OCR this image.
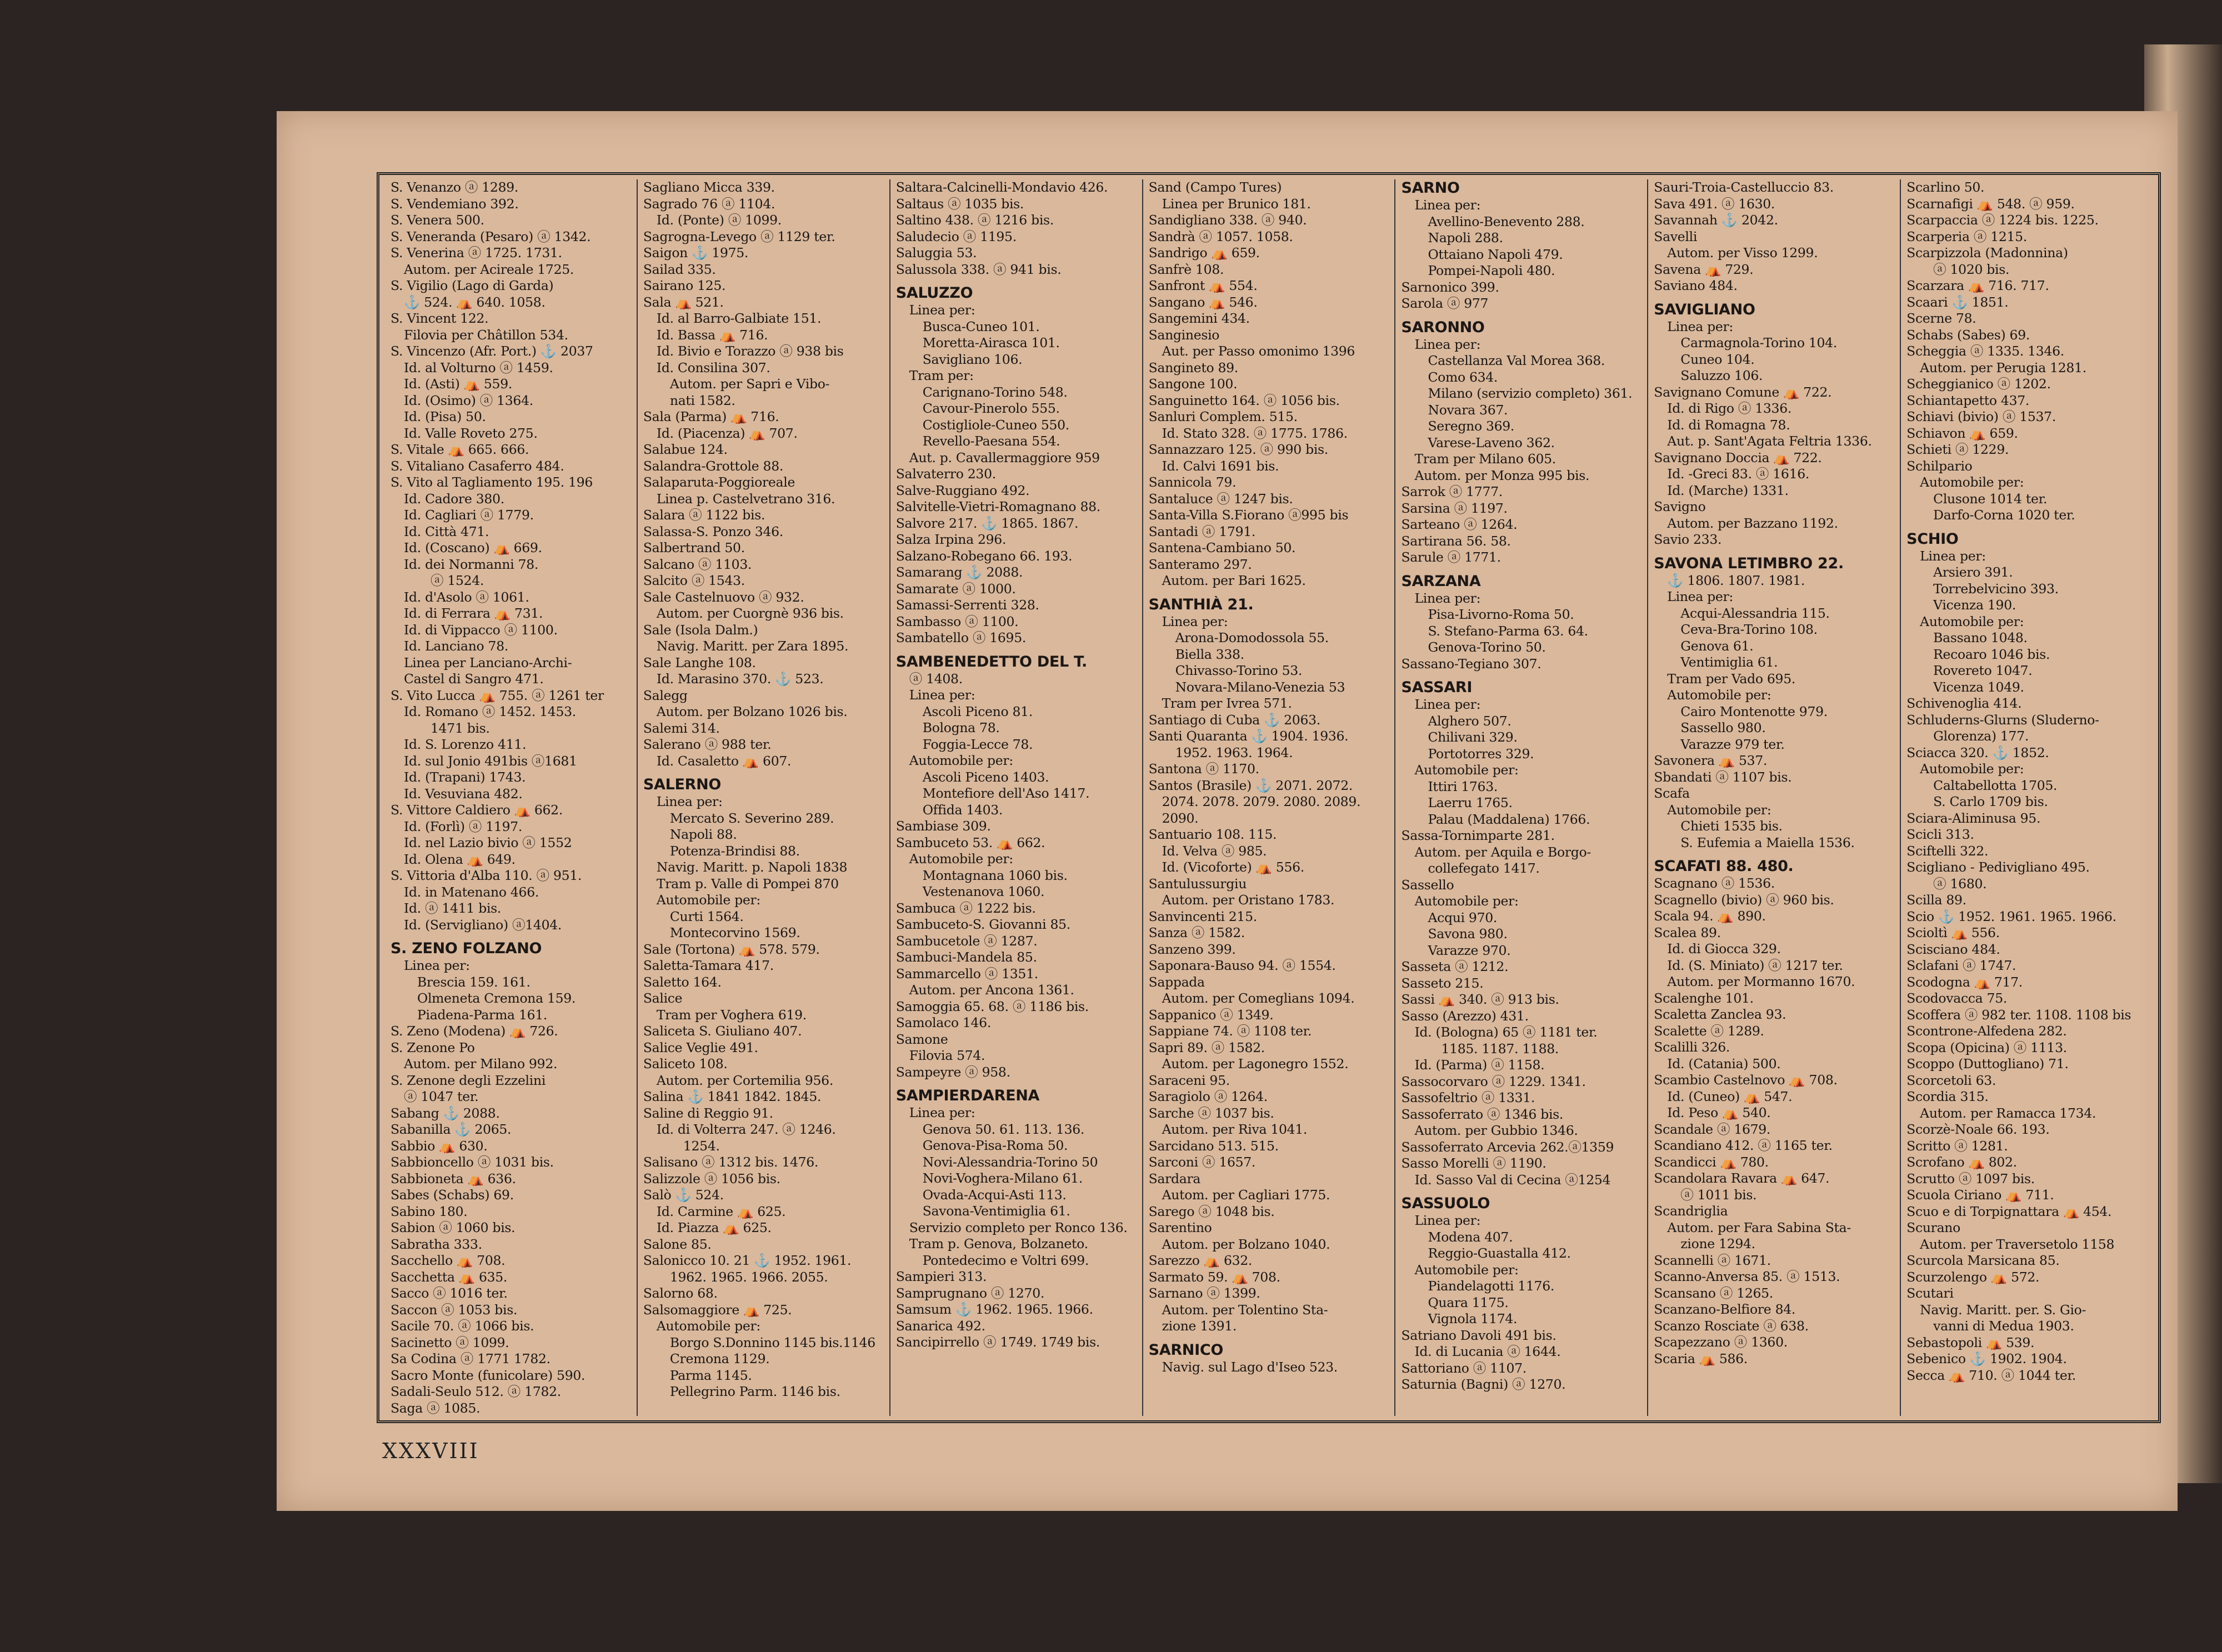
S. Venanzo ⓐ 1289.
S. Vendemiano 392.
S. Venera 500.
S. Veneranda (Pesaro) ⓐ 1342.
S. Venerina ⓐ 1725. 1731.
Autom. per Acireale 1725.
S. Vigilio (Lago di Garda)
⚓ 524. ⛺ 640. 1058.
S. Vincent 122.
Filovia per Châtillon 534.
S. Vincenzo (Afr. Port.) ⚓ 2037
Id. al Volturno ⓐ 1459.
Id. (Asti) ⛺ 559.
Id. (Osimo) ⓐ 1364.
Id. (Pisa) 50.
Id. Valle Roveto 275.
S. Vitale ⛺ 665. 666.
S. Vitaliano Casaferro 484.
S. Vito al Tagliamento 195. 196
Id. Cadore 380.
Id. Cagliari ⓐ 1779.
Id. Città 471.
Id. (Coscano) ⛺ 669.
Id. dei Normanni 78.
ⓐ 1524.
Id. d'Asolo ⓐ 1061.
Id. di Ferrara ⛺ 731.
Id. di Vippacco ⓐ 1100.
Id. Lanciano 78.
Linea per Lanciano-Archi-
Castel di Sangro 471.
S. Vito Lucca ⛺ 755. ⓐ 1261 ter
Id. Romano ⓐ 1452. 1453.
1471 bis.
Id. S. Lorenzo 411.
Id. sul Jonio 491bis ⓐ1681
Id. (Trapani) 1743.
Id. Vesuviana 482.
S. Vittore Caldiero ⛺ 662.
Id. (Forlì) ⓐ 1197.
Id. nel Lazio bivio ⓐ 1552
Id. Olena ⛺ 649.
S. Vittoria d'Alba 110. ⓐ 951.
Id. in Matenano 466.
Id. ⓐ 1411 bis.
Id. (Servigliano) ⓐ1404.
S. ZENO FOLZANO
Linea per:
Brescia 159. 161.
Olmeneta Cremona 159.
Piadena-Parma 161.
S. Zeno (Modena) ⛺ 726.
S. Zenone Po
Autom. per Milano 992.
S. Zenone degli Ezzelini
ⓐ 1047 ter.
Sabang ⚓ 2088.
Sabanilla ⚓ 2065.
Sabbio ⛺ 630.
Sabbioncello ⓐ 1031 bis.
Sabbioneta ⛺ 636.
Sabes (Schabs) 69.
Sabino 180.
Sabion ⓐ 1060 bis.
Sabratha 333.
Sacchello ⛺ 708.
Sacchetta ⛺ 635.
Sacco ⓐ 1016 ter.
Saccon ⓐ 1053 bis.
Sacile 70. ⓐ 1066 bis.
Sacinetto ⓐ 1099.
Sa Codina ⓐ 1771 1782.
Sacro Monte (funicolare) 590.
Sadali-Seulo 512. ⓐ 1782.
Saga ⓐ 1085.
Sagliano Micca 339.
Sagrado 76 ⓐ 1104.
Id. (Ponte) ⓐ 1099.
Sagrogna-Levego ⓐ 1129 ter.
Saigon ⚓ 1975.
Sailad 335.
Sairano 125.
Sala ⛺ 521.
Id. al Barro-Galbiate 151.
Id. Bassa ⛺ 716.
Id. Bivio e Torazzo ⓐ 938 bis
Id. Consilina 307.
Autom. per Sapri e Vibo-
nati 1582.
Sala (Parma) ⛺ 716.
Id. (Piacenza) ⛺ 707.
Salabue 124.
Salandra-Grottole 88.
Salaparuta-Poggioreale
Linea p. Castelvetrano 316.
Salara ⓐ 1122 bis.
Salassa-S. Ponzo 346.
Salbertrand 50.
Salcano ⓐ 1103.
Salcito ⓐ 1543.
Sale Castelnuovo ⓐ 932.
Autom. per Cuorgnè 936 bis.
Sale (Isola Dalm.)
Navig. Maritt. per Zara 1895.
Sale Langhe 108.
Id. Marasino 370. ⚓ 523.
Salegg
Autom. per Bolzano 1026 bis.
Salemi 314.
Salerano ⓐ 988 ter.
Id. Casaletto ⛺ 607.
SALERNO
Linea per:
Mercato S. Severino 289.
Napoli 88.
Potenza-Brindisi 88.
Navig. Maritt. p. Napoli 1838
Tram p. Valle di Pompei 870
Automobile per:
Curti 1564.
Montecorvino 1569.
Sale (Tortona) ⛺ 578. 579.
Saletta-Tamara 417.
Saletto 164.
Salice
Tram per Voghera 619.
Saliceta S. Giuliano 407.
Salice Veglie 491.
Saliceto 108.
Autom. per Cortemilia 956.
Salina ⚓ 1841 1842. 1845.
Saline di Reggio 91.
Id. di Volterra 247. ⓐ 1246.
1254.
Salisano ⓐ 1312 bis. 1476.
Salizzole ⓐ 1056 bis.
Salò ⚓ 524.
Id. Carmine ⛺ 625.
Id. Piazza ⛺ 625.
Salone 85.
Salonicco 10. 21 ⚓ 1952. 1961.
1962. 1965. 1966. 2055.
Salorno 68.
Salsomaggiore ⛺ 725.
Automobile per:
Borgo S.Donnino 1145 bis.1146
Cremona 1129.
Parma 1145.
Pellegrino Parm. 1146 bis.
Saltara-Calcinelli-Mondavio 426.
Saltaus ⓐ 1035 bis.
Saltino 438. ⓐ 1216 bis.
Saludecio ⓐ 1195.
Saluggia 53.
Salussola 338. ⓐ 941 bis.
SALUZZO
Linea per:
Busca-Cuneo 101.
Moretta-Airasca 101.
Savigliano 106.
Tram per:
Carignano-Torino 548.
Cavour-Pinerolo 555.
Costigliole-Cuneo 550.
Revello-Paesana 554.
Aut. p. Cavallermaggiore 959
Salvaterro 230.
Salve-Ruggiano 492.
Salvitelle-Vietri-Romagnano 88.
Salvore 217. ⚓ 1865. 1867.
Salza Irpina 296.
Salzano-Robegano 66. 193.
Samarang ⚓ 2088.
Samarate ⓐ 1000.
Samassi-Serrenti 328.
Sambasso ⓐ 1100.
Sambatello ⓐ 1695.
SAMBENEDETTO DEL T.
ⓐ 1408.
Linea per:
Ascoli Piceno 81.
Bologna 78.
Foggia-Lecce 78.
Automobile per:
Ascoli Piceno 1403.
Montefiore dell'Aso 1417.
Offida 1403.
Sambiase 309.
Sambuceto 53. ⛺ 662.
Automobile per:
Montagnana 1060 bis.
Vestenanova 1060.
Sambuca ⓐ 1222 bis.
Sambuceto-S. Giovanni 85.
Sambucetole ⓐ 1287.
Sambuci-Mandela 85.
Sammarcello ⓐ 1351.
Autom. per Ancona 1361.
Samoggia 65. 68. ⓐ 1186 bis.
Samolaco 146.
Samone
Filovia 574.
Sampeyre ⓐ 958.
SAMPIERDARENA
Linea per:
Genova 50. 61. 113. 136.
Genova-Pisa-Roma 50.
Novi-Alessandria-Torino 50
Novi-Voghera-Milano 61.
Ovada-Acqui-Asti 113.
Savona-Ventimiglia 61.
Servizio completo per Ronco 136.
Tram p. Genova, Bolzaneto.
Pontedecimo e Voltri 699.
Sampieri 313.
Samprugnano ⓐ 1270.
Samsum ⚓ 1962. 1965. 1966.
Sanarica 492.
Sancipirrello ⓐ 1749. 1749 bis.
Sand (Campo Tures)
Linea per Brunico 181.
Sandigliano 338. ⓐ 940.
Sandrà ⓐ 1057. 1058.
Sandrigo ⛺ 659.
Sanfrè 108.
Sanfront ⛺ 554.
Sangano ⛺ 546.
Sangemini 434.
Sanginesio
Aut. per Passo omonimo 1396
Sangineto 89.
Sangone 100.
Sanguinetto 164. ⓐ 1056 bis.
Sanluri Complem. 515.
Id. Stato 328. ⓐ 1775. 1786.
Sannazzaro 125. ⓐ 990 bis.
Id. Calvi 1691 bis.
Sannicola 79.
Santaluce ⓐ 1247 bis.
Santa-Villa S.Fiorano ⓐ995 bis
Santadi ⓐ 1791.
Santena-Cambiano 50.
Santeramo 297.
Autom. per Bari 1625.
SANTHIÀ 21.
Linea per:
Arona-Domodossola 55.
Biella 338.
Chivasso-Torino 53.
Novara-Milano-Venezia 53
Tram per Ivrea 571.
Santiago di Cuba ⚓ 2063.
Santi Quaranta ⚓ 1904. 1936.
1952. 1963. 1964.
Santona ⓐ 1170.
Santos (Brasile) ⚓ 2071. 2072.
2074. 2078. 2079. 2080. 2089.
2090.
Santuario 108. 115.
Id. Velva ⓐ 985.
Id. (Vicoforte) ⛺ 556.
Santulussurgiu
Autom. per Oristano 1783.
Sanvincenti 215.
Sanza ⓐ 1582.
Sanzeno 399.
Saponara-Bauso 94. ⓐ 1554.
Sappada
Autom. per Comeglians 1094.
Sappanico ⓐ 1349.
Sappiane 74. ⓐ 1108 ter.
Sapri 89. ⓐ 1582.
Autom. per Lagonegro 1552.
Saraceni 95.
Saragiolo ⓐ 1264.
Sarche ⓐ 1037 bis.
Autom. per Riva 1041.
Sarcidano 513. 515.
Sarconi ⓐ 1657.
Sardara
Autom. per Cagliari 1775.
Sarego ⓐ 1048 bis.
Sarentino
Autom. per Bolzano 1040.
Sarezzo ⛺ 632.
Sarmato 59. ⛺ 708.
Sarnano ⓐ 1399.
Autom. per Tolentino Sta-
zione 1391.
SARNICO
Navig. sul Lago d'Iseo 523.
SARNO
Linea per:
Avellino-Benevento 288.
Napoli 288.
Ottaiano Napoli 479.
Pompei-Napoli 480.
Sarnonico 399.
Sarola ⓐ 977
SARONNO
Linea per:
Castellanza Val Morea 368.
Como 634.
Milano (servizio completo) 361.
Novara 367.
Seregno 369.
Varese-Laveno 362.
Tram per Milano 605.
Autom. per Monza 995 bis.
Sarrok ⓐ 1777.
Sarsina ⓐ 1197.
Sarteano ⓐ 1264.
Sartirana 56. 58.
Sarule ⓐ 1771.
SARZANA
Linea per:
Pisa-Livorno-Roma 50.
S. Stefano-Parma 63. 64.
Genova-Torino 50.
Sassano-Tegiano 307.
SASSARI
Linea per:
Alghero 507.
Chilivani 329.
Portotorres 329.
Automobile per:
Ittiri 1763.
Laerru 1765.
Palau (Maddalena) 1766.
Sassa-Tornimparte 281.
Autom. per Aquila e Borgo-
collefegato 1417.
Sassello
Automobile per:
Acqui 970.
Savona 980.
Varazze 970.
Sasseta ⓐ 1212.
Sasseto 215.
Sassi ⛺ 340. ⓐ 913 bis.
Sasso (Arezzo) 431.
Id. (Bologna) 65 ⓐ 1181 ter.
1185. 1187. 1188.
Id. (Parma) ⓐ 1158.
Sassocorvaro ⓐ 1229. 1341.
Sassofeltrio ⓐ 1331.
Sassoferrato ⓐ 1346 bis.
Autom. per Gubbio 1346.
Sassoferrato Arcevia 262.ⓐ1359
Sasso Morelli ⓐ 1190.
Id. Sasso Val di Cecina ⓐ1254
SASSUOLO
Linea per:
Modena 407.
Reggio-Guastalla 412.
Automobile per:
Piandelagotti 1176.
Quara 1175.
Vignola 1174.
Satriano Davoli 491 bis.
Id. di Lucania ⓐ 1644.
Sattoriano ⓐ 1107.
Saturnia (Bagni) ⓐ 1270.
Sauri-Troia-Castelluccio 83.
Sava 491. ⓐ 1630.
Savannah ⚓ 2042.
Savelli
Autom. per Visso 1299.
Savena ⛺ 729.
Saviano 484.
SAVIGLIANO
Linea per:
Carmagnola-Torino 104.
Cuneo 104.
Saluzzo 106.
Savignano Comune ⛺ 722.
Id. di Rigo ⓐ 1336.
Id. di Romagna 78.
Aut. p. Sant'Agata Feltria 1336.
Savignano Doccia ⛺ 722.
Id. -Greci 83. ⓐ 1616.
Id. (Marche) 1331.
Savigno
Autom. per Bazzano 1192.
Savio 233.
SAVONA LETIMBRO 22.
⚓ 1806. 1807. 1981.
Linea per:
Acqui-Alessandria 115.
Ceva-Bra-Torino 108.
Genova 61.
Ventimiglia 61.
Tram per Vado 695.
Automobile per:
Cairo Montenotte 979.
Sassello 980.
Varazze 979 ter.
Savonera ⛺ 537.
Sbandati ⓐ 1107 bis.
Scafa
Automobile per:
Chieti 1535 bis.
S. Eufemia a Maiella 1536.
SCAFATI 88. 480.
Scagnano ⓐ 1536.
Scagnello (bivio) ⓐ 960 bis.
Scala 94. ⛺ 890.
Scalea 89.
Id. di Giocca 329.
Id. (S. Miniato) ⓐ 1217 ter.
Autom. per Mormanno 1670.
Scalenghe 101.
Scaletta Zanclea 93.
Scalette ⓐ 1289.
Scalilli 326.
Id. (Catania) 500.
Scambio Castelnovo ⛺ 708.
Id. (Cuneo) ⛺ 547.
Id. Peso ⛺ 540.
Scandale ⓐ 1679.
Scandiano 412. ⓐ 1165 ter.
Scandicci ⛺ 780.
Scandolara Ravara ⛺ 647.
ⓐ 1011 bis.
Scandriglia
Autom. per Fara Sabina Sta-
zione 1294.
Scannelli ⓐ 1671.
Scanno-Anversa 85. ⓐ 1513.
Scansano ⓐ 1265.
Scanzano-Belfiore 84.
Scanzo Rosciate ⓐ 638.
Scapezzano ⓐ 1360.
Scaria ⛺ 586.
Scarlino 50.
Scarnafigi ⛺ 548. ⓐ 959.
Scarpaccia ⓐ 1224 bis. 1225.
Scarperia ⓐ 1215.
Scarpizzola (Madonnina)
ⓐ 1020 bis.
Scarzara ⛺ 716. 717.
Scaari ⚓ 1851.
Scerne 78.
Schabs (Sabes) 69.
Scheggia ⓐ 1335. 1346.
Autom. per Perugia 1281.
Scheggianico ⓐ 1202.
Schiantapetto 437.
Schiavi (bivio) ⓐ 1537.
Schiavon ⛺ 659.
Schieti ⓐ 1229.
Schilpario
Automobile per:
Clusone 1014 ter.
Darfo-Corna 1020 ter.
SCHIO
Linea per:
Arsiero 391.
Torrebelvicino 393.
Vicenza 190.
Automobile per:
Bassano 1048.
Recoaro 1046 bis.
Rovereto 1047.
Vicenza 1049.
Schivenoglia 414.
Schluderns-Glurns (Sluderno-
Glorenza) 177.
Sciacca 320. ⚓ 1852.
Automobile per:
Caltabellotta 1705.
S. Carlo 1709 bis.
Sciara-Aliminusa 95.
Scicli 313.
Sciftelli 322.
Scigliano - Pedivigliano 495.
ⓐ 1680.
Scilla 89.
Scio ⚓ 1952. 1961. 1965. 1966.
Scioltì ⛺ 556.
Scisciano 484.
Sclafani ⓐ 1747.
Scodogna ⛺ 717.
Scodovacca 75.
Scoffera ⓐ 982 ter. 1108. 1108 bis
Scontrone-Alfedena 282.
Scopa (Opicina) ⓐ 1113.
Scoppo (Duttogliano) 71.
Scorcetoli 63.
Scordia 315.
Autom. per Ramacca 1734.
Scorzè-Noale 66. 193.
Scritto ⓐ 1281.
Scrofano ⛺ 802.
Scrutto ⓐ 1097 bis.
Scuola Ciriano ⛺ 711.
Scuo e di Torpignattara ⛺ 454.
Scurano
Autom. per Traversetolo 1158
Scurcola Marsicana 85.
Scurzolengo ⛺ 572.
Scutari
Navig. Maritt. per. S. Gio-
vanni di Medua 1903.
Sebastopoli ⛺ 539.
Sebenico ⚓ 1902. 1904.
Secca ⛺ 710. ⓐ 1044 ter.
XXXVIII
